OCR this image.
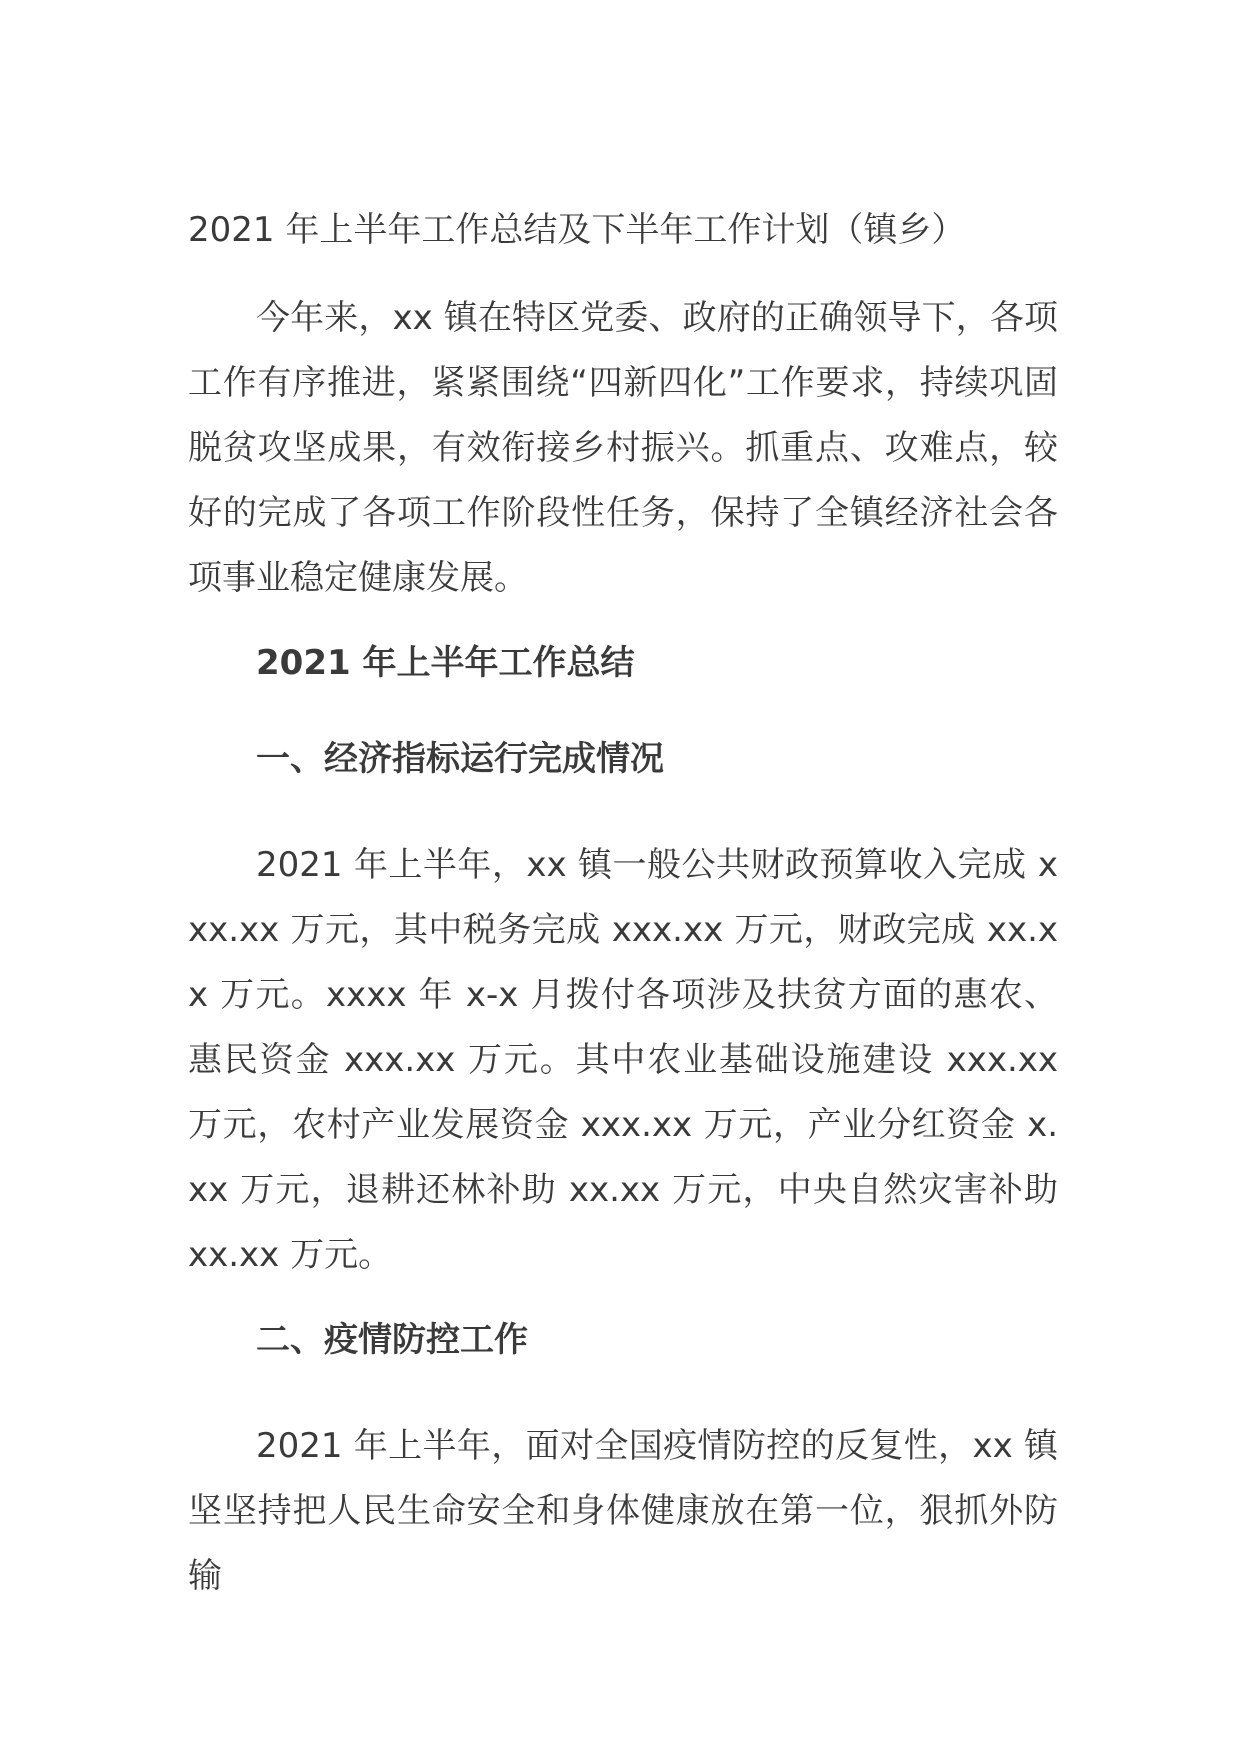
2021 年上半年工作总结及下半年工作计划（镇乡）

今年来，xx 镇在特区党委、政府的正确领导下，各项工作有序推进，紧紧围绕“四新四化”工作要求，持续巩固脱贫攻坚成果，有效衔接乡村振兴。抓重点、攻难点，较好的完成了各项工作阶段性任务，保持了全镇经济社会各项事业稳定健康发展。

2021 年上半年工作总结
一、经济指标运行完成情况

2021 年上半年，xx 镇一般公共财政预算收入完成 xxx.xx 万元，其中税务完成 xxx.xx 万元，财政完成 xx.xx 万元。xxxx 年 x-x 月拨付各项涉及扶贫方面的惠农、惠民资金 xxx.xx 万元。其中农业基础设施建设 xxx.xx 万元，农村产业发展资金 xxx.xx 万元，产业分红资金 x.xx 万元，退耕还林补助 xx.xx 万元，中央自然灾害补助 xx.xx 万元。

二、疫情防控工作

2021 年上半年，面对全国疫情防控的反复性，xx 镇坚坚持把人民生命安全和身体健康放在第一位，狠抓外防输
